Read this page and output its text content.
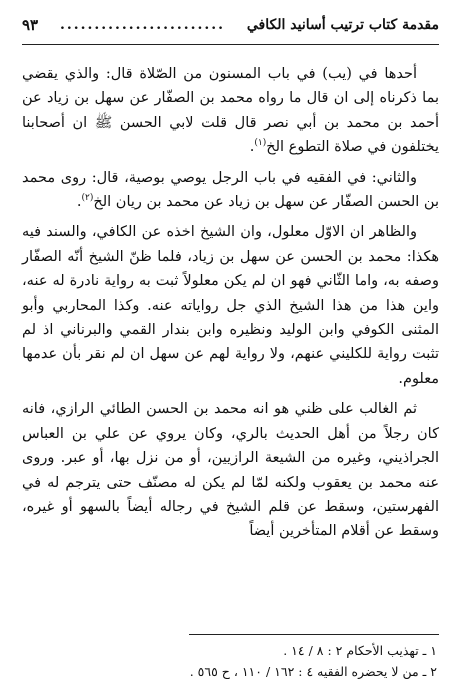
مقدمة كتاب ترتيب أسانيد الكافي
........................
٩٣

أحدها في (يب) في باب المسنون من الصّلاة قال: والذي يقضي بما ذكرناه إلى ان قال ما رواه محمد بن الصفّار عن سهل بن زياد عن أحمد بن محمد بن أبي نصر قال قلت لابي الحسن ﷺ ان أصحابنا يختلفون في صلاة التطوع الخ$^{(١)}$.

والثاني: في الفقيه في باب الرجل يوصي بوصية، قال: روى محمد بن الحسن الصفّار عن سهل بن زياد عن محمد بن ريان الخ$^{(٢)}$.

والظاهر ان الاوّل معلول، وان الشيخ اخذه عن الكافي، والسند فيه هكذا: محمد بن الحسن عن سهل بن زياد، فلما ظنّ الشيخ أنّه الصفّار وصفه به، واما الثّاني فهو ان لم يكن معلولاً ثبت به رواية نادرة له عنه، واين هذا من هذا الشيخ الذي جل رواياته عنه. وكذا المحاربي وأبو المثنى الكوفي وابن الوليد ونظيره وابن بندار القمي والبرناني اذ لم تثبت رواية للكليني عنهم، ولا رواية لهم عن سهل ان لم نقر بأن عدمها معلوم.

ثم الغالب على ظني هو انه محمد بن الحسن الطائي الرازي، فانه كان رجلاً من أهل الحديث بالري، وكان يروي عن علي بن العباس الجراذيني، وغيره من الشيعة الرازيين، أو من نزل بها، أو عبر. وروى عنه محمد بن يعقوب ولكنه لمّا لم يكن له مصنّف حتى يترجم له في الفهرستين، وسقط عن قلم الشيخ في رجاله أيضاً بالسهو أو غيره، وسقط عن أقلام المتأخرين أيضاً

١ ـ تهذيب الأحكام ٢ : ٨ / ١٤ .
٢ ـ من لا يحضره الفقيه ٤ : ١٦٢ / ١١٠ ، ح ٥٦٥ .
